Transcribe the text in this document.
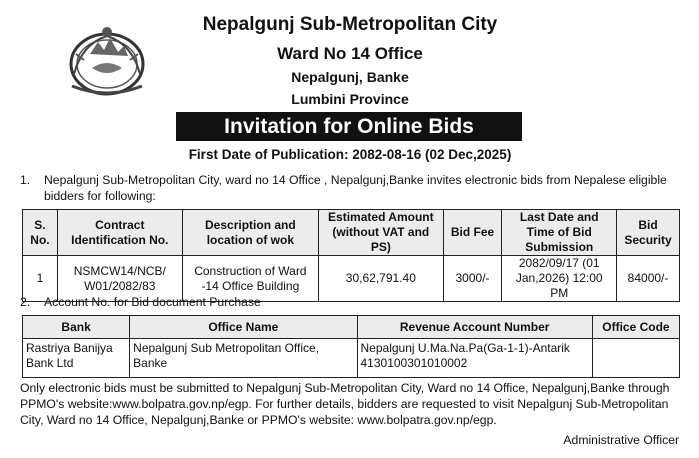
Nepalgunj Sub-Metropolitan City
Ward No 14 Office
Nepalgunj, Banke
Lumbini Province
Invitation for Online Bids
First Date of Publication: 2082-08-16 (02 Dec,2025)
1. Nepalgunj Sub-Metropolitan City, ward no 14 Office , Nepalgunj,Banke invites electronic bids from Nepalese eligible bidders for following:
S. No.	Contract Identification No.	Description and location of wok	Estimated Amount (without VAT and PS)	Bid Fee	Last Date and Time of Bid Submission	Bid Security
1	NSMCW14/NCB/ W01/2082/83	Construction of Ward -14 Office Building	30,62,791.40	3000/-	2082/09/17 (01 Jan,2026) 12:00 PM	84000/-
2. Account No. for Bid document Purchase
Bank	Office Name	Revenue Account Number	Office Code
Rastriya Banijya Bank Ltd	Nepalgunj Sub Metropolitan Office, Banke	Nepalgunj U.Ma.Na.Pa(Ga-1-1)-Antarik 4130100301010002	
Only electronic bids must be submitted to Nepalgunj Sub-Metropolitan City, Ward no 14 Office, Nepalgunj,Banke through PPMO's website:www.bolpatra.gov.np/egp. For further details, bidders are requested to visit Nepalgunj Sub-Metropolitan City, Ward no 14 Office, Nepalgunj,Banke or PPMO's website: www.bolpatra.gov.np/egp.
Administrative Officer
